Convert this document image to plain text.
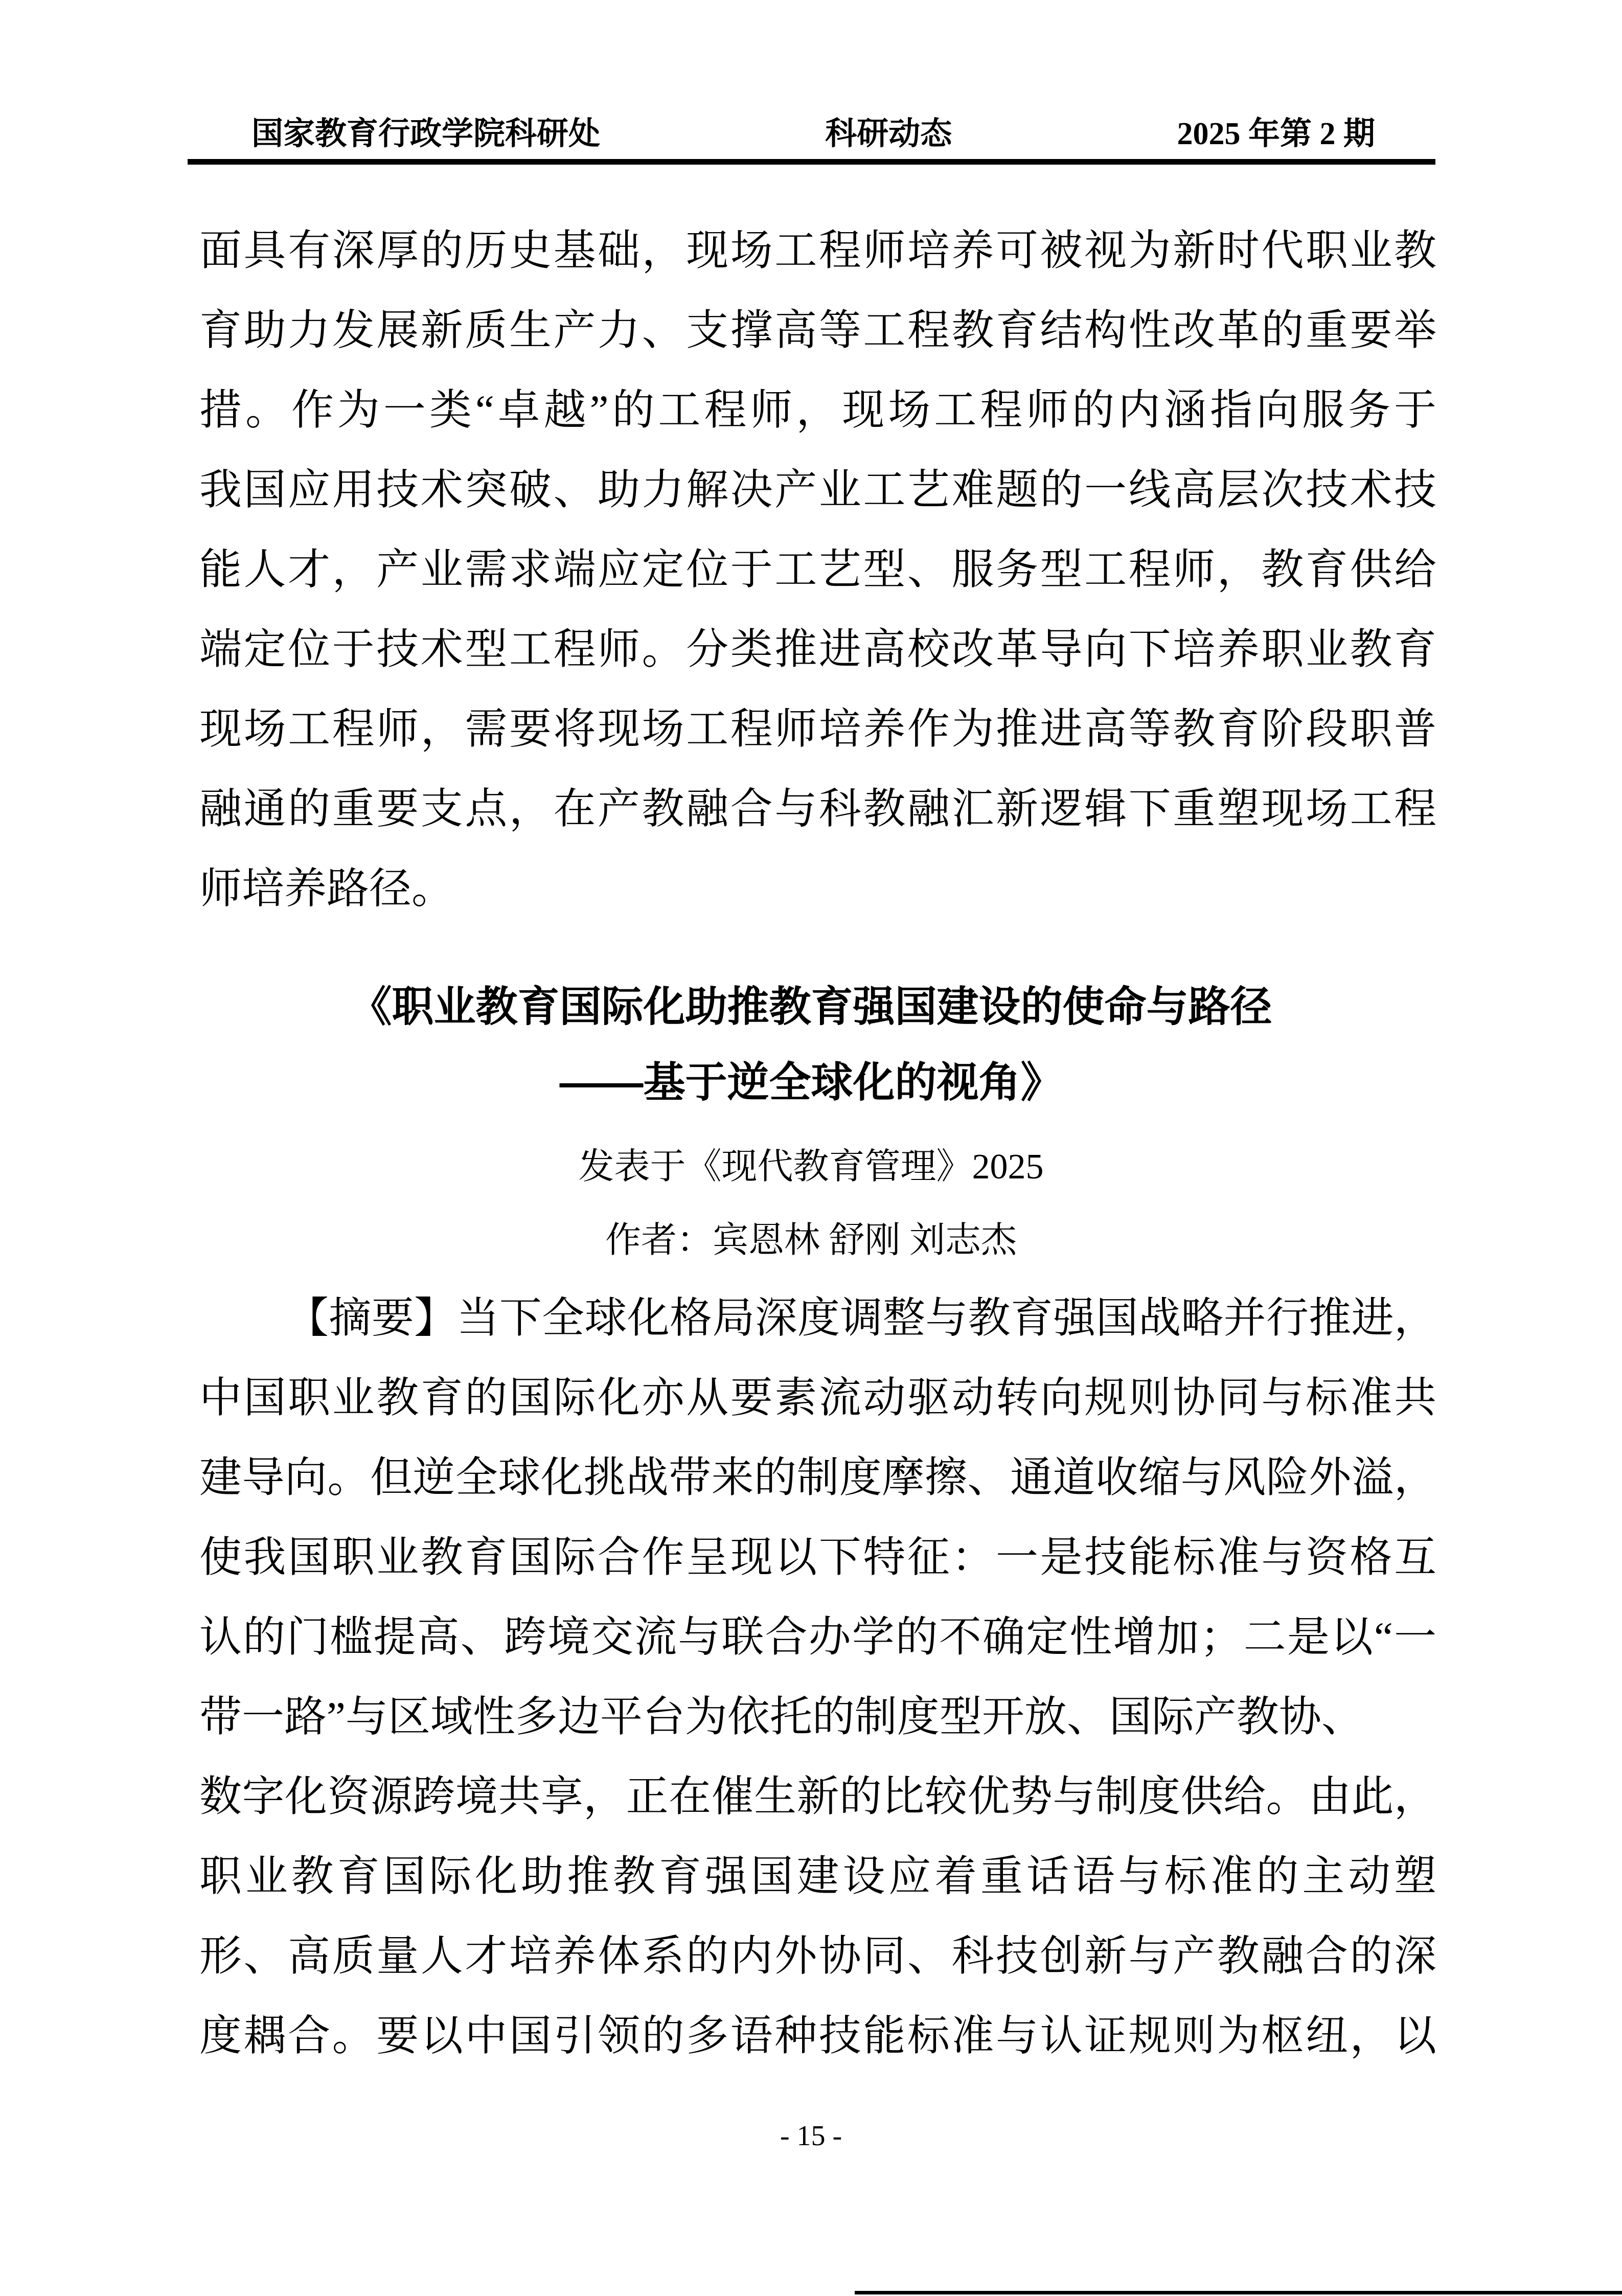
国家教育行政学院科研处	科研动态	2025 年第 2 期
面具有深厚的历史基础，现场工程师培养可被视为新时代职业教
育助力发展新质生产力、支撑高等工程教育结构性改革的重要举
措。作为一类“卓越”的工程师，现场工程师的内涵指向服务于
我国应用技术突破、助力解决产业工艺难题的一线高层次技术技
能人才，产业需求端应定位于工艺型、服务型工程师，教育供给
端定位于技术型工程师。分类推进高校改革导向下培养职业教育
现场工程师，需要将现场工程师培养作为推进高等教育阶段职普
融通的重要支点，在产教融合与科教融汇新逻辑下重塑现场工程
师培养路径。
《职业教育国际化助推教育强国建设的使命与路径
——基于逆全球化的视角》
发表于《现代教育管理》2025
作者：宾恩林 舒刚 刘志杰
【摘要】当下全球化格局深度调整与教育强国战略并行推进，
中国职业教育的国际化亦从要素流动驱动转向规则协同与标准共
建导向。但逆全球化挑战带来的制度摩擦、通道收缩与风险外溢，
使我国职业教育国际合作呈现以下特征：一是技能标准与资格互
认的门槛提高、跨境交流与联合办学的不确定性增加；二是以“一
带一路”与区域性多边平台为依托的制度型开放、国际产教协、
数字化资源跨境共享，正在催生新的比较优势与制度供给。由此，
职业教育国际化助推教育强国建设应着重话语与标准的主动塑
形、高质量人才培养体系的内外协同、科技创新与产教融合的深
度耦合。要以中国引领的多语种技能标准与认证规则为枢纽，以
- 15 -
